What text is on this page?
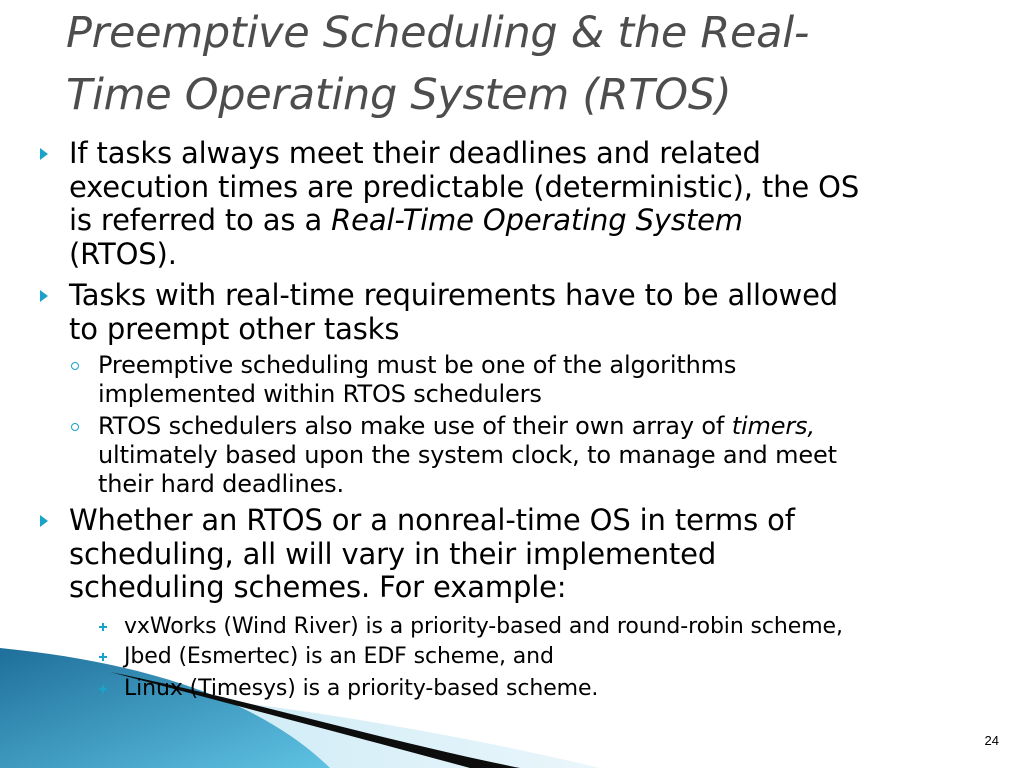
Preemptive Scheduling & the Real-
Time Operating System (RTOS)
If tasks always meet their deadlines and related
execution times are predictable (deterministic), the OS
is referred to as a Real-Time Operating System
(RTOS).
Tasks with real-time requirements have to be allowed
to preempt other tasks
Preemptive scheduling must be one of the algorithms
implemented within RTOS schedulers
RTOS schedulers also make use of their own array of timers,
ultimately based upon the system clock, to manage and meet
their hard deadlines.
Whether an RTOS or a nonreal-time OS in terms of
scheduling, all will vary in their implemented
scheduling schemes. For example:
vxWorks (Wind River) is a priority-based and round-robin scheme,
Jbed (Esmertec) is an EDF scheme, and
Linux (Timesys) is a priority-based scheme.
24
